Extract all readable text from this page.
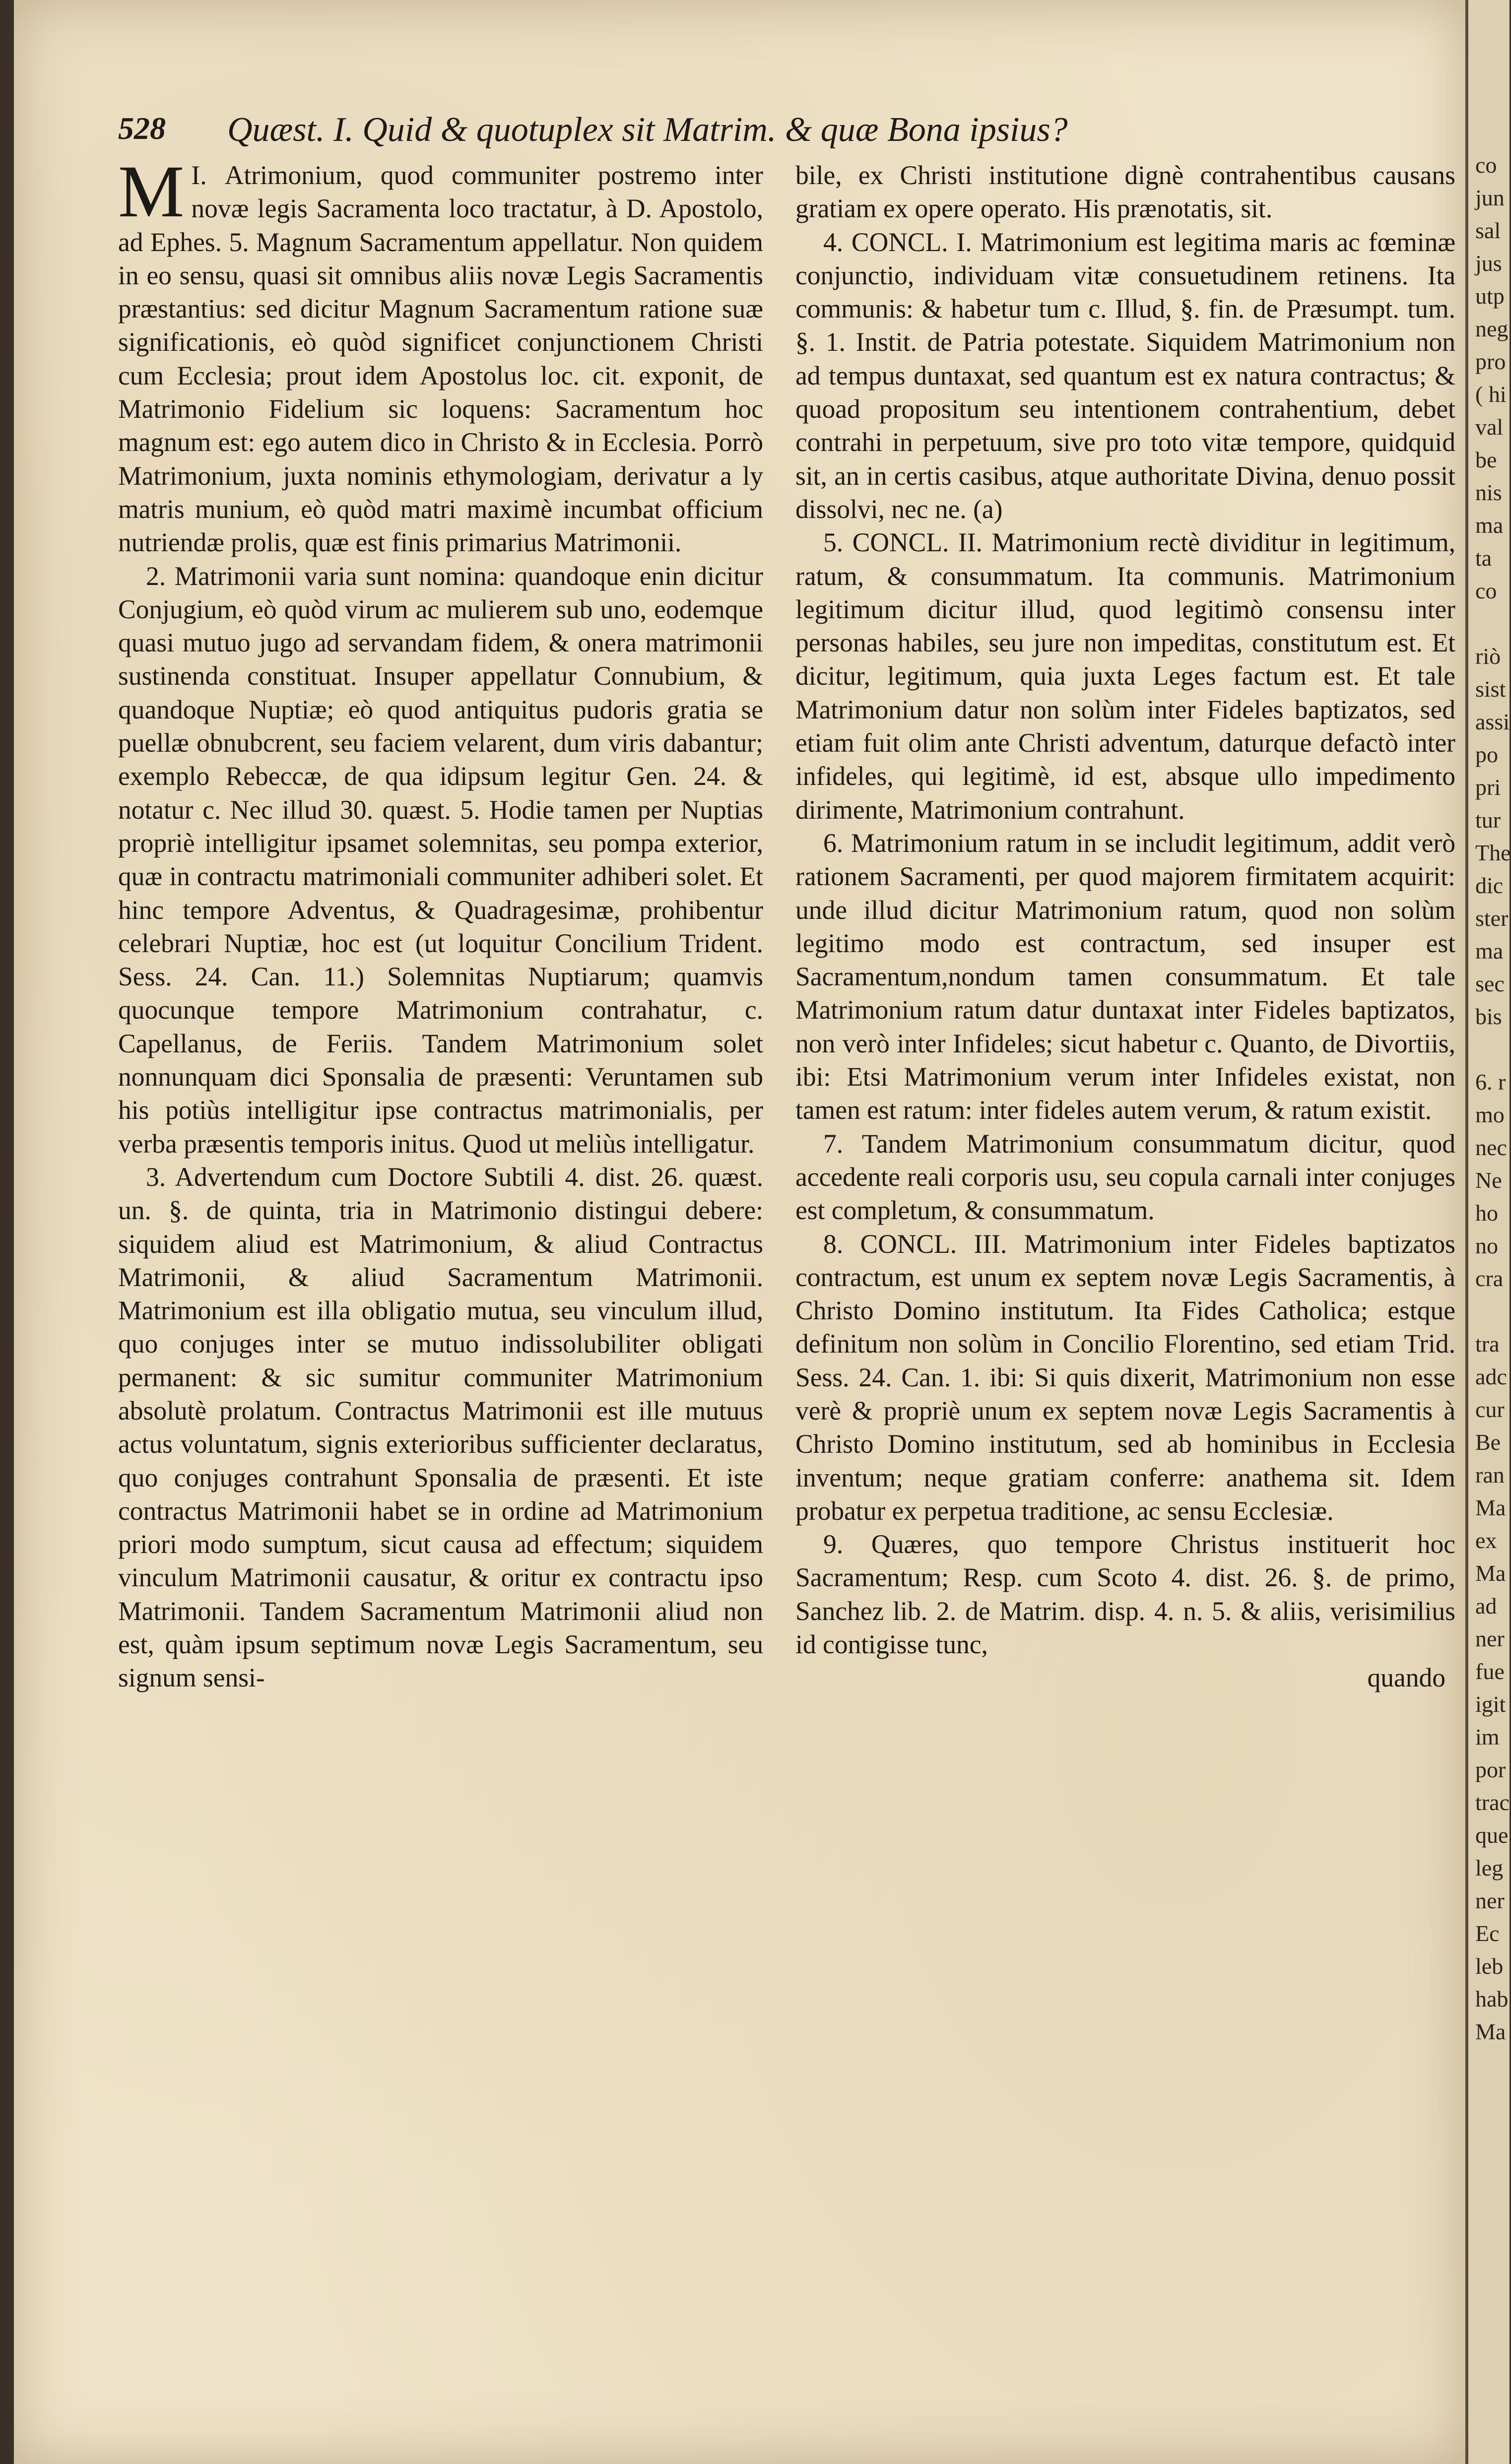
528 Quæst. I. Quid & quotuplex sit Matrim. & quæ Bona ipsius?

I.
M Atrimonium, quod communiter postremo inter novæ legis Sacramenta loco tractatur, à D. Apostolo, ad Ephes. 5. Magnum Sacramentum appellatur. Non quidem in eo sensu, quasi sit omnibus aliis novæ Legis Sacramentis præstantius: sed dicitur Magnum Sacramentum ratione suæ significationis, eò quòd significet conjunctionem Christi cum Ecclesia; prout idem Apostolus loc. cit. exponit, de Matrimonio Fidelium sic loquens: Sacramentum hoc magnum est: ego autem dico in Christo & in Ecclesia. Porrò Matrimonium, juxta nominis ethymologiam, derivatur a ly matris munium, eò quòd matri maximè incumbat officium nutriendæ prolis, quæ est finis primarius Matrimonii.

2. Matrimonii varia sunt nomina: quandoque enin dicitur Conjugium, eò quòd virum ac mulierem sub uno, eodemque quasi mutuo jugo ad servandam fidem, & onera matrimonii sustinenda constituat. Insuper appellatur Connubium, & quandoque Nuptiæ; eò quod antiquitus pudoris gratia se puellæ obnubcrent, seu faciem velarent, dum viris dabantur; exemplo Rebeccæ, de qua idipsum legitur Gen. 24. & notatur c. Nec illud 30. quæst. 5. Hodie tamen per Nuptias propriè intelligitur ipsamet solemnitas, seu pompa exterior, quæ in contractu matrimoniali communiter adhiberi solet. Et hinc tempore Adventus, & Quadragesimæ, prohibentur celebrari Nuptiæ, hoc est (ut loquitur Concilium Trident. Sess. 24. Can. 11.) Solemnitas Nuptiarum; quamvis quocunque tempore Matrimonium contrahatur, c. Capellanus, de Feriis. Tandem Matrimonium solet nonnunquam dici Sponsalia de præsenti: Veruntamen sub his potiùs intelligitur ipse contractus matrimonialis, per verba præsentis temporis initus. Quod ut meliùs intelligatur.

3. Advertendum cum Doctore Subtili 4. dist. 26. quæst. un. §. de quinta, tria in Matrimonio distingui debere: siquidem aliud est Matrimonium, & aliud Contractus Matrimonii, & aliud Sacramentum Matrimonii. Matrimonium est illa obligatio mutua, seu vinculum illud, quo conjuges inter se mutuo indissolubiliter obligati permanent: & sic sumitur communiter Matrimonium absolutè prolatum. Contractus Matrimonii est ille mutuus actus voluntatum, signis exterioribus sufficienter declaratus, quo conjuges contrahunt Sponsalia de præsenti. Et iste contractus Matrimonii habet se in ordine ad Matrimonium priori modo sumptum, sicut causa ad effectum; siquidem vinculum Matrimonii causatur, & oritur ex contractu ipso Matrimonii. Tandem Sacramentum Matrimonii aliud non est, quàm ipsum septimum novæ Legis Sacramentum, seu signum sensi-

bile, ex Christi institutione dignè contrahentibus causans gratiam ex opere operato. His prænotatis, sit.

4. CONCL. I. Matrimonium est legitima maris ac fœminæ conjunctio, individuam vitæ consuetudinem retinens. Ita communis: & habetur tum c. Illud, §. fin. de Præsumpt. tum. §. 1. Instit. de Patria potestate. Siquidem Matrimonium non ad tempus duntaxat, sed quantum est ex natura contractus; & quoad propositum seu intentionem contrahentium, debet contrahi in perpetuum, sive pro toto vitæ tempore, quidquid sit, an in certis casibus, atque authoritate Divina, denuo possit dissolvi, nec ne. (a)

5. CONCL. II. Matrimonium rectè dividitur in legitimum, ratum, & consummatum. Ita communis. Matrimonium legitimum dicitur illud, quod legitimò consensu inter personas habiles, seu jure non impeditas, constitutum est. Et dicitur, legitimum, quia juxta Leges factum est. Et tale Matrimonium datur non solùm inter Fideles baptizatos, sed etiam fuit olim ante Christi adventum, daturque defactò inter infideles, qui legitimè, id est, absque ullo impedimento dirimente, Matrimonium contrahunt.

6. Matrimonium ratum in se includit legitimum, addit verò rationem Sacramenti, per quod majorem firmitatem acquirit: unde illud dicitur Matrimonium ratum, quod non solùm legitimo modo est contractum, sed insuper est Sacramentum,nondum tamen consummatum. Et tale Matrimonium ratum datur duntaxat inter Fideles baptizatos, non verò inter Infideles; sicut habetur c. Quanto, de Divortiis, ibi: Etsi Matrimonium verum inter Infideles existat, non tamen est ratum: inter fideles autem verum, & ratum existit.

7. Tandem Matrimonium consummatum dicitur, quod accedente reali corporis usu, seu copula carnali inter conjuges est completum, & consummatum.

8. CONCL. III. Matrimonium inter Fideles baptizatos contractum, est unum ex septem novæ Legis Sacramentis, à Christo Domino institutum. Ita Fides Catholica; estque definitum non solùm in Concilio Florentino, sed etiam Trid. Sess. 24. Can. 1. ibi: Si quis dixerit, Matrimonium non esse verè & propriè unum ex septem novæ Legis Sacramentis à Christo Domino institutum, sed ab hominibus in Ecclesia inventum; neque gratiam conferre: anathema sit. Idem probatur ex perpetua traditione, ac sensu Ecclesiæ.

9. Quæres, quo tempore Christus instituerit hoc Sacramentum; Resp. cum Scoto 4. dist. 26. §. de primo, Sanchez lib. 2. de Matrim. disp. 4. n. 5. & aliis, verisimilius id contigisse tunc,

quando
co
jun
sal
jus
utp
neg
pro
( hi
val
be
nis
ma
ta
co

riò
sist
assi
po
pri
tur
The
dic
ster
ma
sec
bis

6. r
mo
nec
Ne
ho
no
cra

tra
adc
cur
Be
ran
Ma
ex
Ma
ad
ner
fue
igit
im
por
trac
que
leg
ner
Ec
leb
hab
Ma
